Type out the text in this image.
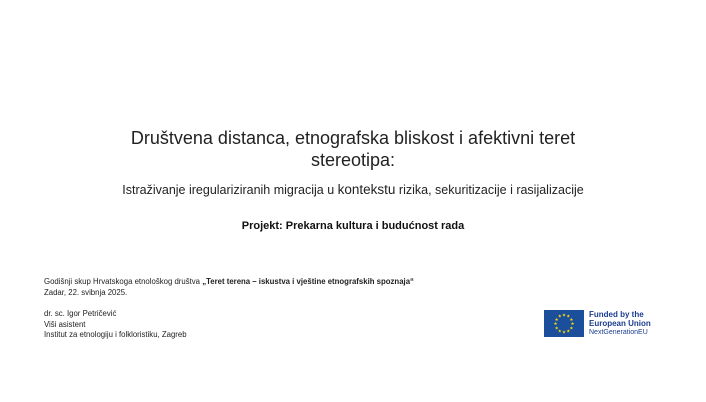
Društvena distanca, etnografska bliskost i afektivni teret
stereotipa:
Istraživanje iregulariziranih migracija u kontekstu rizika, sekuritizacije i rasijalizacije
Projekt: Prekarna kultura i budućnost rada
Godišnji skup Hrvatskoga etnološkog društva „Teret terena – iskustva i vještine etnografskih spoznaja“
Zadar, 22. svibnja 2025.
dr. sc. Igor Petričević
Viši asistent
Institut za etnologiju i folkloristiku, Zagreb
★ ★
★
★
★
★
★
★
★
★
★
★	Funded by the
European Union
NextGenerationEU
